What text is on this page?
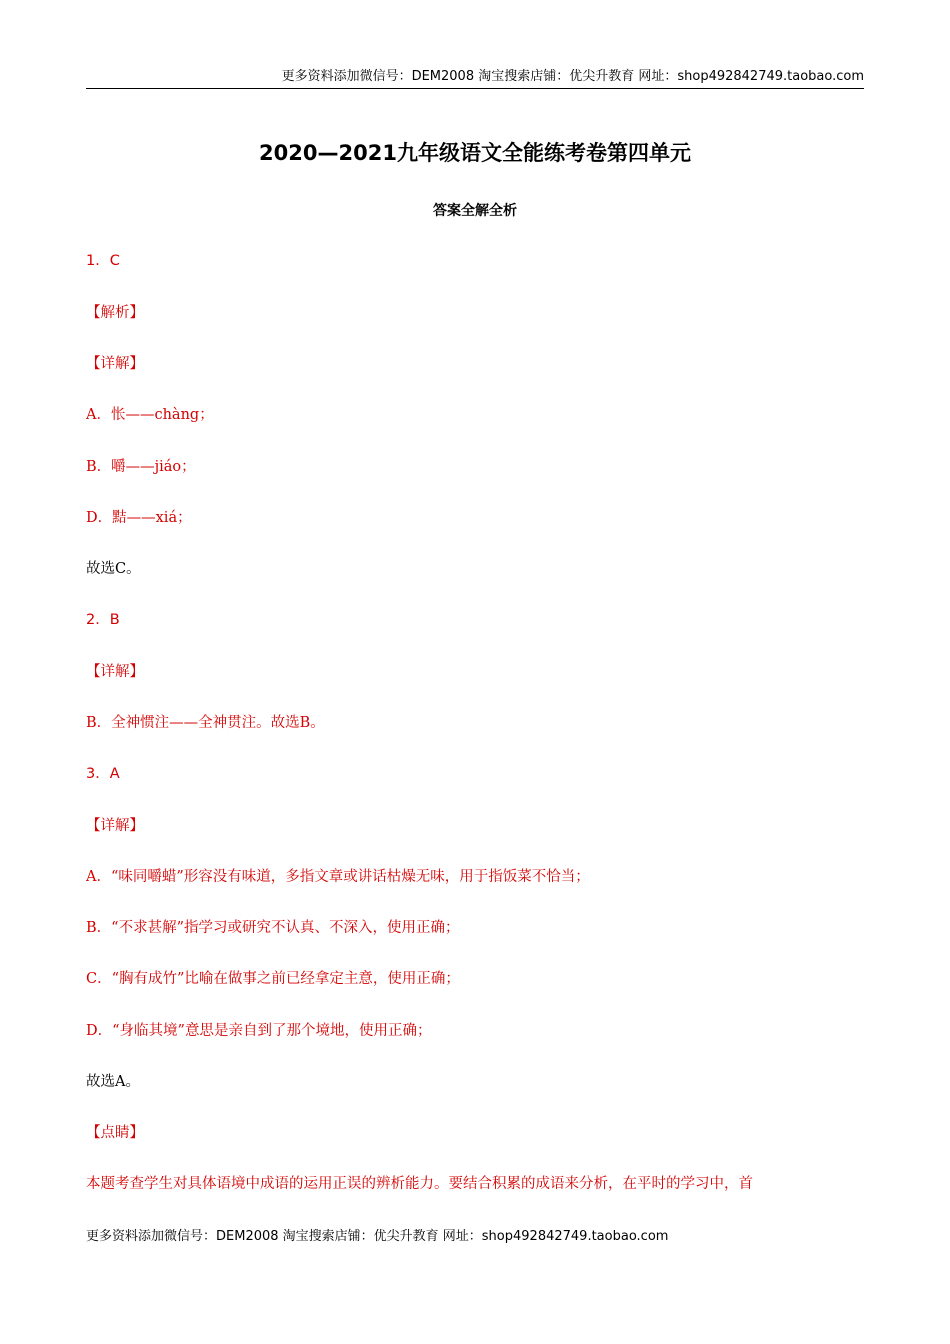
更多资料添加微信号：DEM2008 淘宝搜索店铺：优尖升教育 网址：shop492842749.taobao.com
2020—2021九年级语文全能练考卷第四单元
答案全解全析
1．C
【解析】
【详解】
A．怅——chàng；
B．嚼——jiáo；
D．黠——xiá；
故选C。
2．B
【详解】
B．全神惯注——全神贯注。故选B。
3．A
【详解】
A．“味同嚼蜡”形容没有味道，多指文章或讲话枯燥无味，用于指饭菜不恰当；
B．“不求甚解”指学习或研究不认真、不深入，使用正确；
C．“胸有成竹”比喻在做事之前已经拿定主意，使用正确；
D．“身临其境”意思是亲自到了那个境地，使用正确；
故选A。
【点睛】
本题考查学生对具体语境中成语的运用正误的辨析能力。要结合积累的成语来分析，在平时的学习中，首
更多资料添加微信号：DEM2008 淘宝搜索店铺：优尖升教育 网址：shop492842749.taobao.com
